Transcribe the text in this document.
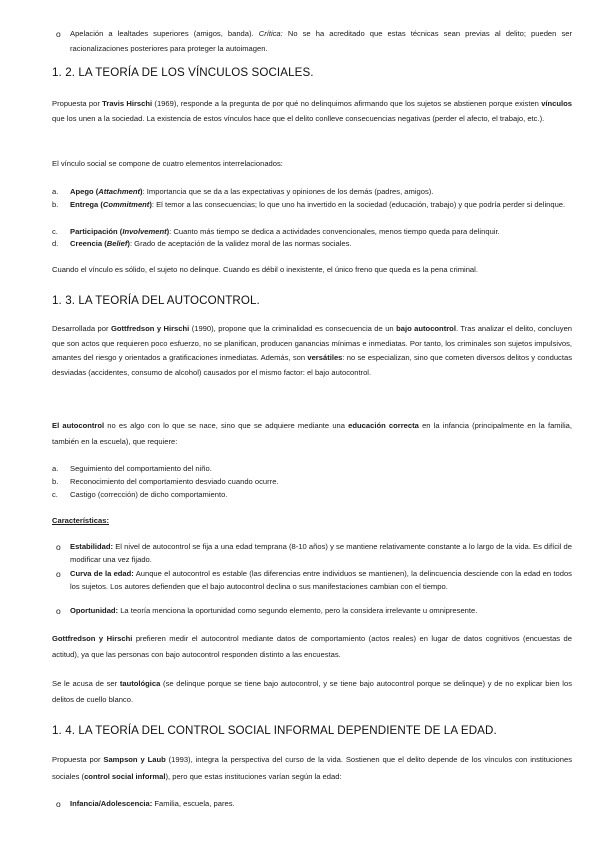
o	Apelación a lealtades superiores (amigos, banda). Crítica: No se ha acreditado que estas técnicas sean previas al delito; pueden ser racionalizaciones posteriores para proteger la autoimagen.
1. 2. LA TEORÍA DE LOS VÍNCULOS SOCIALES.

Propuesta por Travis Hirschi (1969), responde a la pregunta de por qué no delinquimos afirmando que los sujetos se abstienen porque existen vínculos que los unen a la sociedad. La existencia de estos vínculos hace que el delito conlleve consecuencias negativas (perder el afecto, el trabajo, etc.).

El vínculo social se compone de cuatro elementos interrelacionados:

a.	Apego (Attachment): Importancia que se da a las expectativas y opiniones de los demás (padres, amigos).
b.	Entrega (Commitment): El temor a las consecuencias; lo que uno ha invertido en la sociedad (educación, trabajo) y que podría perder si delinque.
c.	Participación (Involvement): Cuanto más tiempo se dedica a actividades convencionales, menos tiempo queda para delinquir.
d.	Creencia (Belief): Grado de aceptación de la validez moral de las normas sociales.

Cuando el vínculo es sólido, el sujeto no delinque. Cuando es débil o inexistente, el único freno que queda es la pena criminal.

1. 3. LA TEORÍA DEL AUTOCONTROL.

Desarrollada por Gottfredson y Hirschi (1990), propone que la criminalidad es consecuencia de un bajo autocontrol. Tras analizar el delito, concluyen que son actos que requieren poco esfuerzo, no se planifican, producen ganancias mínimas e inmediatas. Por tanto, los criminales son sujetos impulsivos, amantes del riesgo y orientados a gratificaciones inmediatas. Además, son versátiles: no se especializan, sino que cometen diversos delitos y conductas desviadas (accidentes, consumo de alcohol) causados por el mismo factor: el bajo autocontrol.

El autocontrol no es algo con lo que se nace, sino que se adquiere mediante una educación correcta en la infancia (principalmente en la familia, también en la escuela), que requiere:

a.	Seguimiento del comportamiento del niño.
b.	Reconocimiento del comportamiento desviado cuando ocurre.
c.	Castigo (corrección) de dicho comportamiento.

Características:

o	Estabilidad: El nivel de autocontrol se fija a una edad temprana (8-10 años) y se mantiene relativamente constante a lo largo de la vida. Es difícil de modificar una vez fijado.
o	Curva de la edad: Aunque el autocontrol es estable (las diferencias entre individuos se mantienen), la delincuencia desciende con la edad en todos los sujetos. Los autores defienden que el bajo autocontrol declina o sus manifestaciones cambian con el tiempo.
o	Oportunidad: La teoría menciona la oportunidad como segundo elemento, pero la considera irrelevante u omnipresente.

Gottfredson y Hirschi prefieren medir el autocontrol mediante datos de comportamiento (actos reales) en lugar de datos cognitivos (encuestas de actitud), ya que las personas con bajo autocontrol responden distinto a las encuestas.

Se le acusa de ser tautológica (se delinque porque se tiene bajo autocontrol, y se tiene bajo autocontrol porque se delinque) y de no explicar bien los delitos de cuello blanco.

1. 4. LA TEORÍA DEL CONTROL SOCIAL INFORMAL DEPENDIENTE DE LA EDAD.

Propuesta por Sampson y Laub (1993), integra la perspectiva del curso de la vida. Sostienen que el delito depende de los vínculos con instituciones sociales (control social informal), pero que estas instituciones varían según la edad:

o	Infancia/Adolescencia: Familia, escuela, pares.
